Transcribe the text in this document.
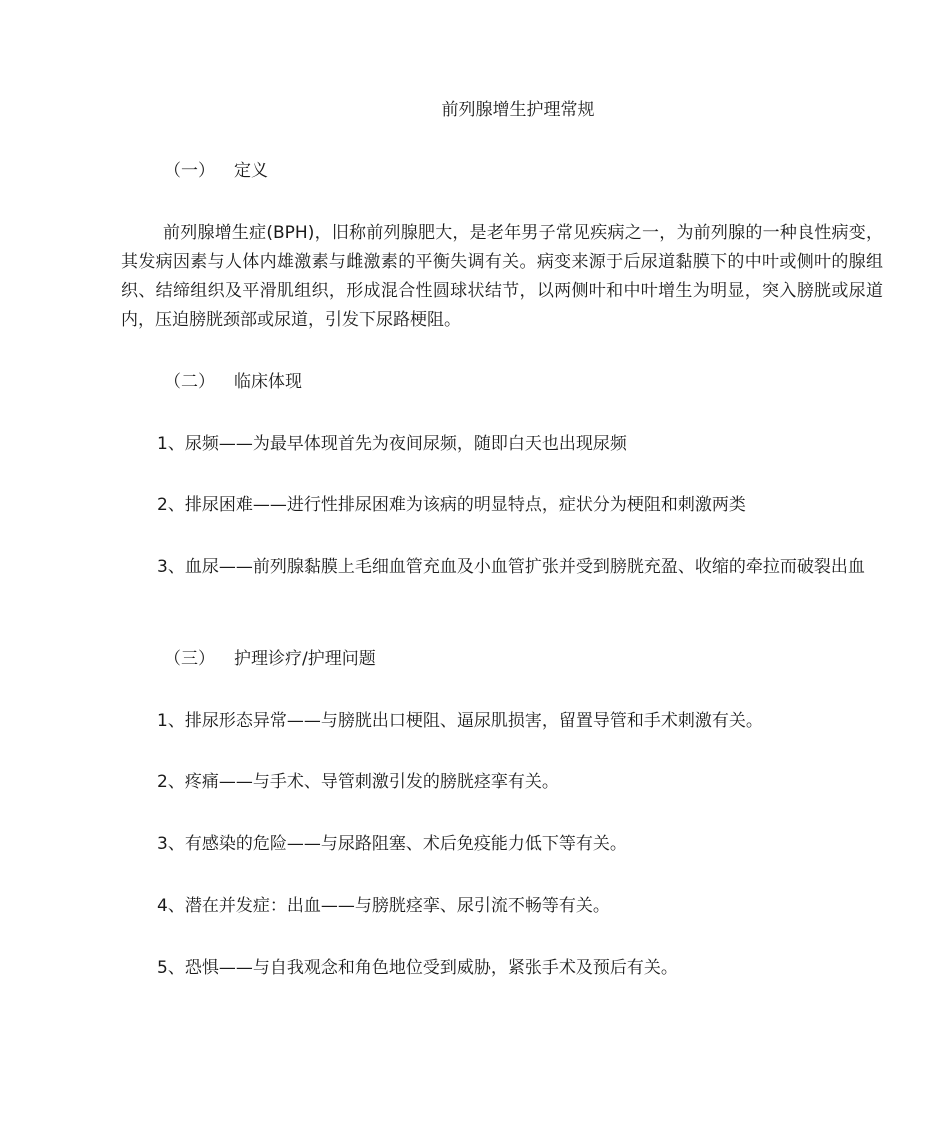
前列腺增生护理常规
（一） 定义
前列腺增生症(BPH)，旧称前列腺肥大，是老年男子常见疾病之一，为前列腺的一种良性病变，其发病因素与人体内雄激素与雌激素的平衡失调有关。病变来源于后尿道黏膜下的中叶或侧叶的腺组织、结缔组织及平滑肌组织，形成混合性圆球状结节，以两侧叶和中叶增生为明显，突入膀胱或尿道内，压迫膀胱颈部或尿道，引发下尿路梗阻。
（二） 临床体现
1、尿频——为最早体现首先为夜间尿频，随即白天也出现尿频
2、排尿困难——进行性排尿困难为该病的明显特点，症状分为梗阻和刺激两类
3、血尿——前列腺黏膜上毛细血管充血及小血管扩张并受到膀胱充盈、收缩的牵拉而破裂出血
（三） 护理诊疗/护理问题
1、排尿形态异常——与膀胱出口梗阻、逼尿肌损害，留置导管和手术刺激有关。
2、疼痛——与手术、导管刺激引发的膀胱痉挛有关。
3、有感染的危险——与尿路阻塞、术后免疫能力低下等有关。
4、潜在并发症：出血——与膀胱痉挛、尿引流不畅等有关。
5、恐惧——与自我观念和角色地位受到威胁，紧张手术及预后有关。
